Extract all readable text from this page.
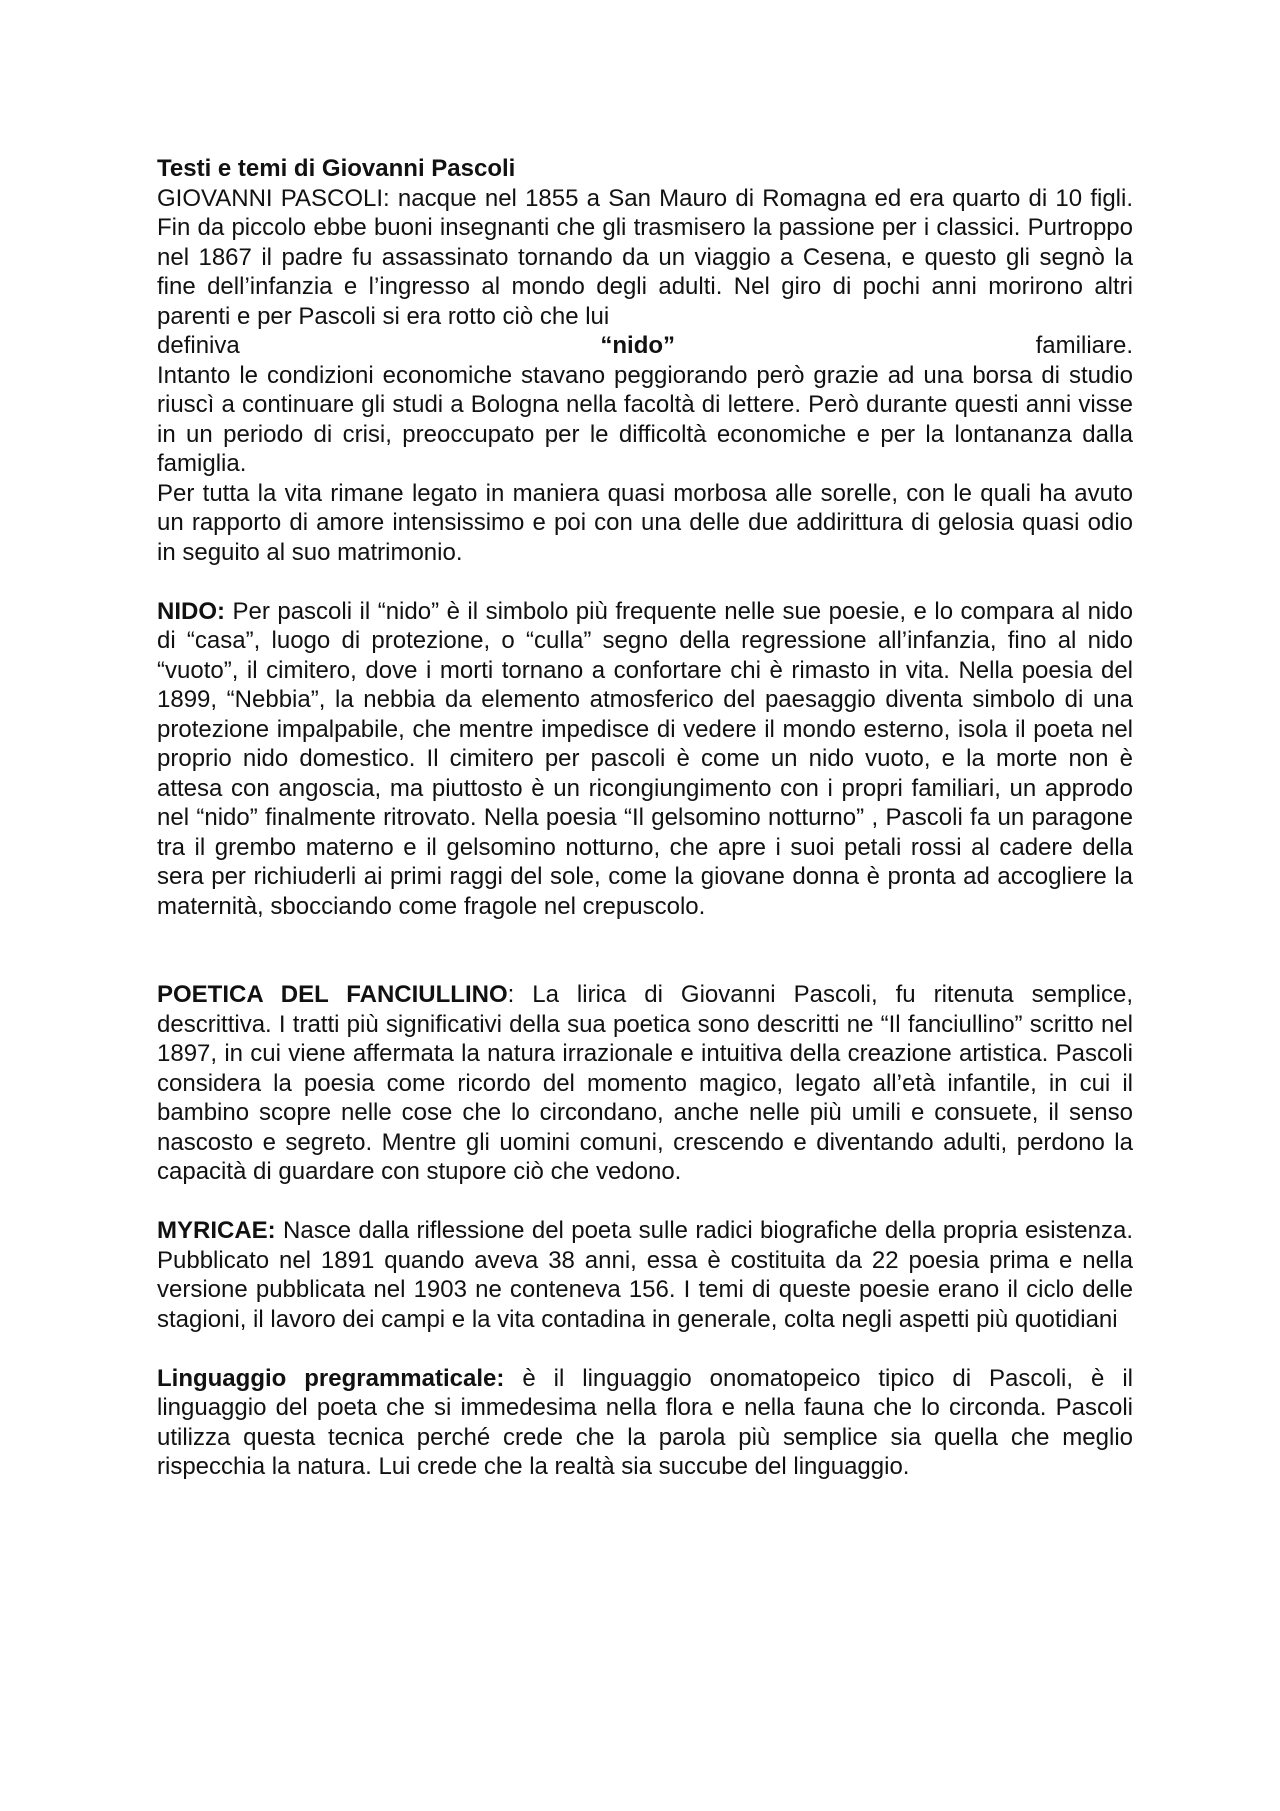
Testi e temi di Giovanni Pascoli

GIOVANNI PASCOLI: nacque nel 1855 a San Mauro di Romagna ed era quarto di 10 figli. Fin da piccolo ebbe buoni insegnanti che gli trasmisero la passione per i classici. Purtroppo nel 1867 il padre fu assassinato tornando da un viaggio a Cesena, e questo gli segnò la fine dell’infanzia e l’ingresso al mondo degli adulti. Nel giro di pochi anni morirono altri parenti e per Pascoli si era rotto ciò che lui

definiva	“nido”	familiare.

Intanto le condizioni economiche stavano peggiorando però grazie ad una borsa di studio riuscì a continuare gli studi a Bologna nella facoltà di lettere. Però durante questi anni visse in un periodo di crisi, preoccupato per le difficoltà economiche e per la lontananza dalla famiglia.

Per tutta la vita rimane legato in maniera quasi morbosa alle sorelle, con le quali ha avuto un rapporto di amore intensissimo e poi con una delle due addirittura di gelosia quasi odio in seguito al suo matrimonio.

NIDO: Per pascoli il “nido” è il simbolo più frequente nelle sue poesie, e lo compara al nido di “casa”, luogo di protezione, o “culla” segno della regressione all’infanzia, fino al nido “vuoto”, il cimitero, dove i morti tornano a confortare chi è rimasto in vita. Nella poesia del 1899, “Nebbia”, la nebbia da elemento atmosferico del paesaggio diventa simbolo di una protezione impalpabile, che mentre impedisce di vedere il mondo esterno, isola il poeta nel proprio nido domestico. Il cimitero per pascoli è come un nido vuoto, e la morte non è attesa con angoscia, ma piuttosto è un ricongiungimento con i propri familiari, un approdo nel “nido” finalmente ritrovato. Nella poesia “Il gelsomino notturno” , Pascoli fa un paragone tra il grembo materno e il gelsomino notturno, che apre i suoi petali rossi al cadere della sera per richiuderli ai primi raggi del sole, come la giovane donna è pronta ad accogliere la maternità, sbocciando come fragole nel crepuscolo.

POETICA DEL FANCIULLINO: La lirica di Giovanni Pascoli, fu ritenuta semplice, descrittiva. I tratti più significativi della sua poetica sono descritti ne “Il fanciullino” scritto nel 1897, in cui viene affermata la natura irrazionale e intuitiva della creazione artistica. Pascoli considera la poesia come ricordo del momento magico, legato all’età infantile, in cui il bambino scopre nelle cose che lo circondano, anche nelle più umili e consuete, il senso nascosto e segreto. Mentre gli uomini comuni, crescendo e diventando adulti, perdono la capacità di guardare con stupore ciò che vedono.

MYRICAE: Nasce dalla riflessione del poeta sulle radici biografiche della propria esistenza. Pubblicato nel 1891 quando aveva 38 anni, essa è costituita da 22 poesia prima e nella versione pubblicata nel 1903 ne conteneva 156. I temi di queste poesie erano il ciclo delle stagioni, il lavoro dei campi e la vita contadina in generale, colta negli aspetti più quotidiani

Linguaggio pregrammaticale: è il linguaggio onomatopeico tipico di Pascoli, è il linguaggio del poeta che si immedesima nella flora e nella fauna che lo circonda. Pascoli utilizza questa tecnica perché crede che la parola più semplice sia quella che meglio rispecchia la natura. Lui crede che la realtà sia succube del linguaggio.
